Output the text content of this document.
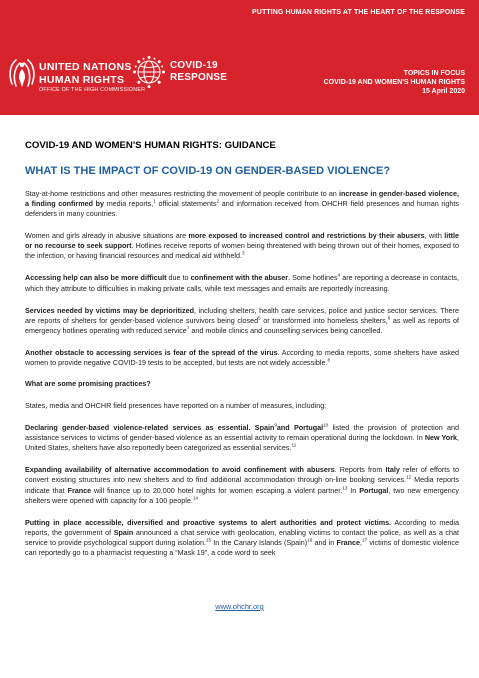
PUTTING HUMAN RIGHTS AT THE HEART OF THE RESPONSE
UNITED NATIONS
HUMAN RIGHTS
OFFICE OF THE HIGH COMMISSIONER
COVID-19
RESPONSE	TOPICS IN FOCUS
COVID-19 AND WOMEN'S HUMAN RIGHTS
15 April 2020
COVID-19 AND WOMEN'S HUMAN RIGHTS: GUIDANCE
WHAT IS THE IMPACT OF COVID-19 ON GENDER-BASED VIOLENCE?

Stay-at-home restrictions and other measures restricting the movement of people contribute to an increase in gender-based violence, a finding confirmed by media reports,$^1$ official statements$^2$ and information received from OHCHR field presences and human rights defenders in many countries.

Women and girls already in abusive situations are more exposed to increased control and restrictions by their abusers, with little or no recourse to seek support. Hotlines receive reports of women being threatened with being thrown out of their homes, exposed to the infection, or having financial resources and medical aid withheld.$^3$

Accessing help can also be more difficult due to confinement with the abuser. Some hotlines$^4$ are reporting a decrease in contacts, which they attribute to difficulties in making private calls, while text messages and emails are reportedly increasing.

Services needed by victims may be deprioritized, including shelters, health care services, police and justice sector services. There are reports of shelters for gender-based violence survivors being closed$^5$ or transformed into homeless shelters,$^6$ as well as reports of emergency hotlines operating with reduced service$^7$ and mobile clinics and counselling services being cancelled.

Another obstacle to accessing services is fear of the spread of the virus. According to media reports, some shelters have asked women to provide negative COVID-19 tests to be accepted, but tests are not widely accessible.$^8$

What are some promising practices?

States, media and OHCHR field presences have reported on a number of measures, including:

Declaring gender-based violence-related services as essential. Spain$^9$and Portugal$^{10}$ listed the provision of protection and assistance services to victims of gender-based violence as an essential activity to remain operational during the lockdown. In New York, United States, shelters have also reportedly been categorized as essential services.$^{11}$

Expanding availability of alternative accommodation to avoid confinement with abusers. Reports from Italy refer of efforts to convert existing structures into new shelters and to find additional accommodation through on-line booking services.$^{12}$ Media reports indicate that France will finance up to 20,000 hotel nights for women escaping a violent partner.$^{13}$ In Portugal, two new emergency shelters were opened with capacity for a 100 people.$^{14}$

Putting in place accessible, diversified and proactive systems to alert authorities and protect victims. According to media reports, the government of Spain announced a chat service with geolocation, enabling victims to contact the police, as well as a chat service to provide psychological support during isolation.$^{15}$ In the Canary Islands (Spain)$^{16}$ and in France,$^{17}$ victims of domestic violence can reportedly go to a pharmacist requesting a “Mask 19”, a code word to seek

www.ohchr.org
